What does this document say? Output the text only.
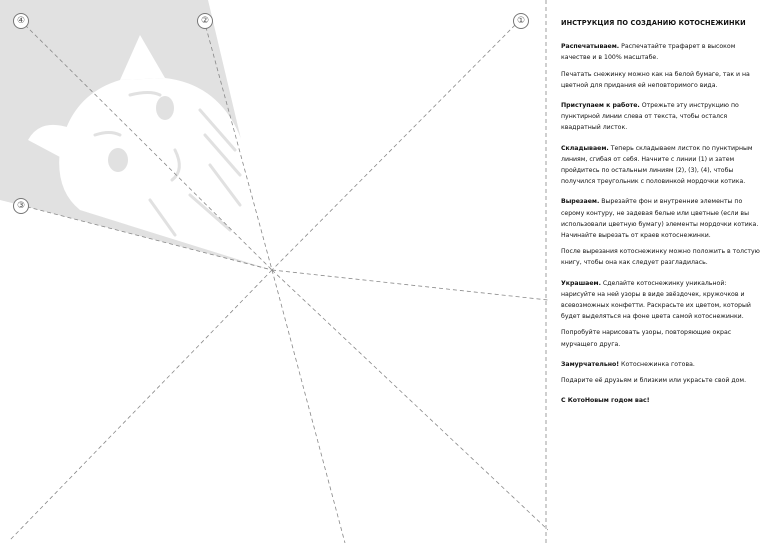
①
②
③
④	ИНСТРУКЦИЯ ПО СОЗДАНИЮ КОТОСНЕЖИНКИ

Распечатываем. Распечатайте трафарет в высоком качестве и в 100% масштабе.

Печатать снежинку можно как на белой бумаге, так и на цветной для придания ей неповторимого вида.

Приступаем к работе. Отрежьте эту инструкцию по пунктирной линии слева от текста, чтобы остался квадратный листок.

Складываем. Теперь складываем листок по пунктирным линиям, сгибая от себя. Начните с линии (1) и затем пройдитесь по остальным линиям (2), (3), (4), чтобы получился треугольник с половинкой мордочки котика.

Вырезаем. Вырезайте фон и внутренние элементы по серому контуру, не задевая белые или цветные (если вы использовали цветную бумагу) элементы мордочки котика. Начинайте вырезать от краев котоснежинки.

После вырезания котоснежинку можно положить в толстую книгу, чтобы она как следует разгладилась.

Украшаем. Сделайте котоснежинку уникальной: нарисуйте на ней узоры в виде звёздочек, кружочков и всевозможных конфетти. Раскрасьте их цветом, который будет выделяться на фоне цвета самой котоснежинки.

Попробуйте нарисовать узоры, повторяющие окрас мурчащего друга.

Замурчательно! Котоснежинка готова.

Подарите её друзьям и близким или украсьте свой дом.

С КотоНовым годом вас!
